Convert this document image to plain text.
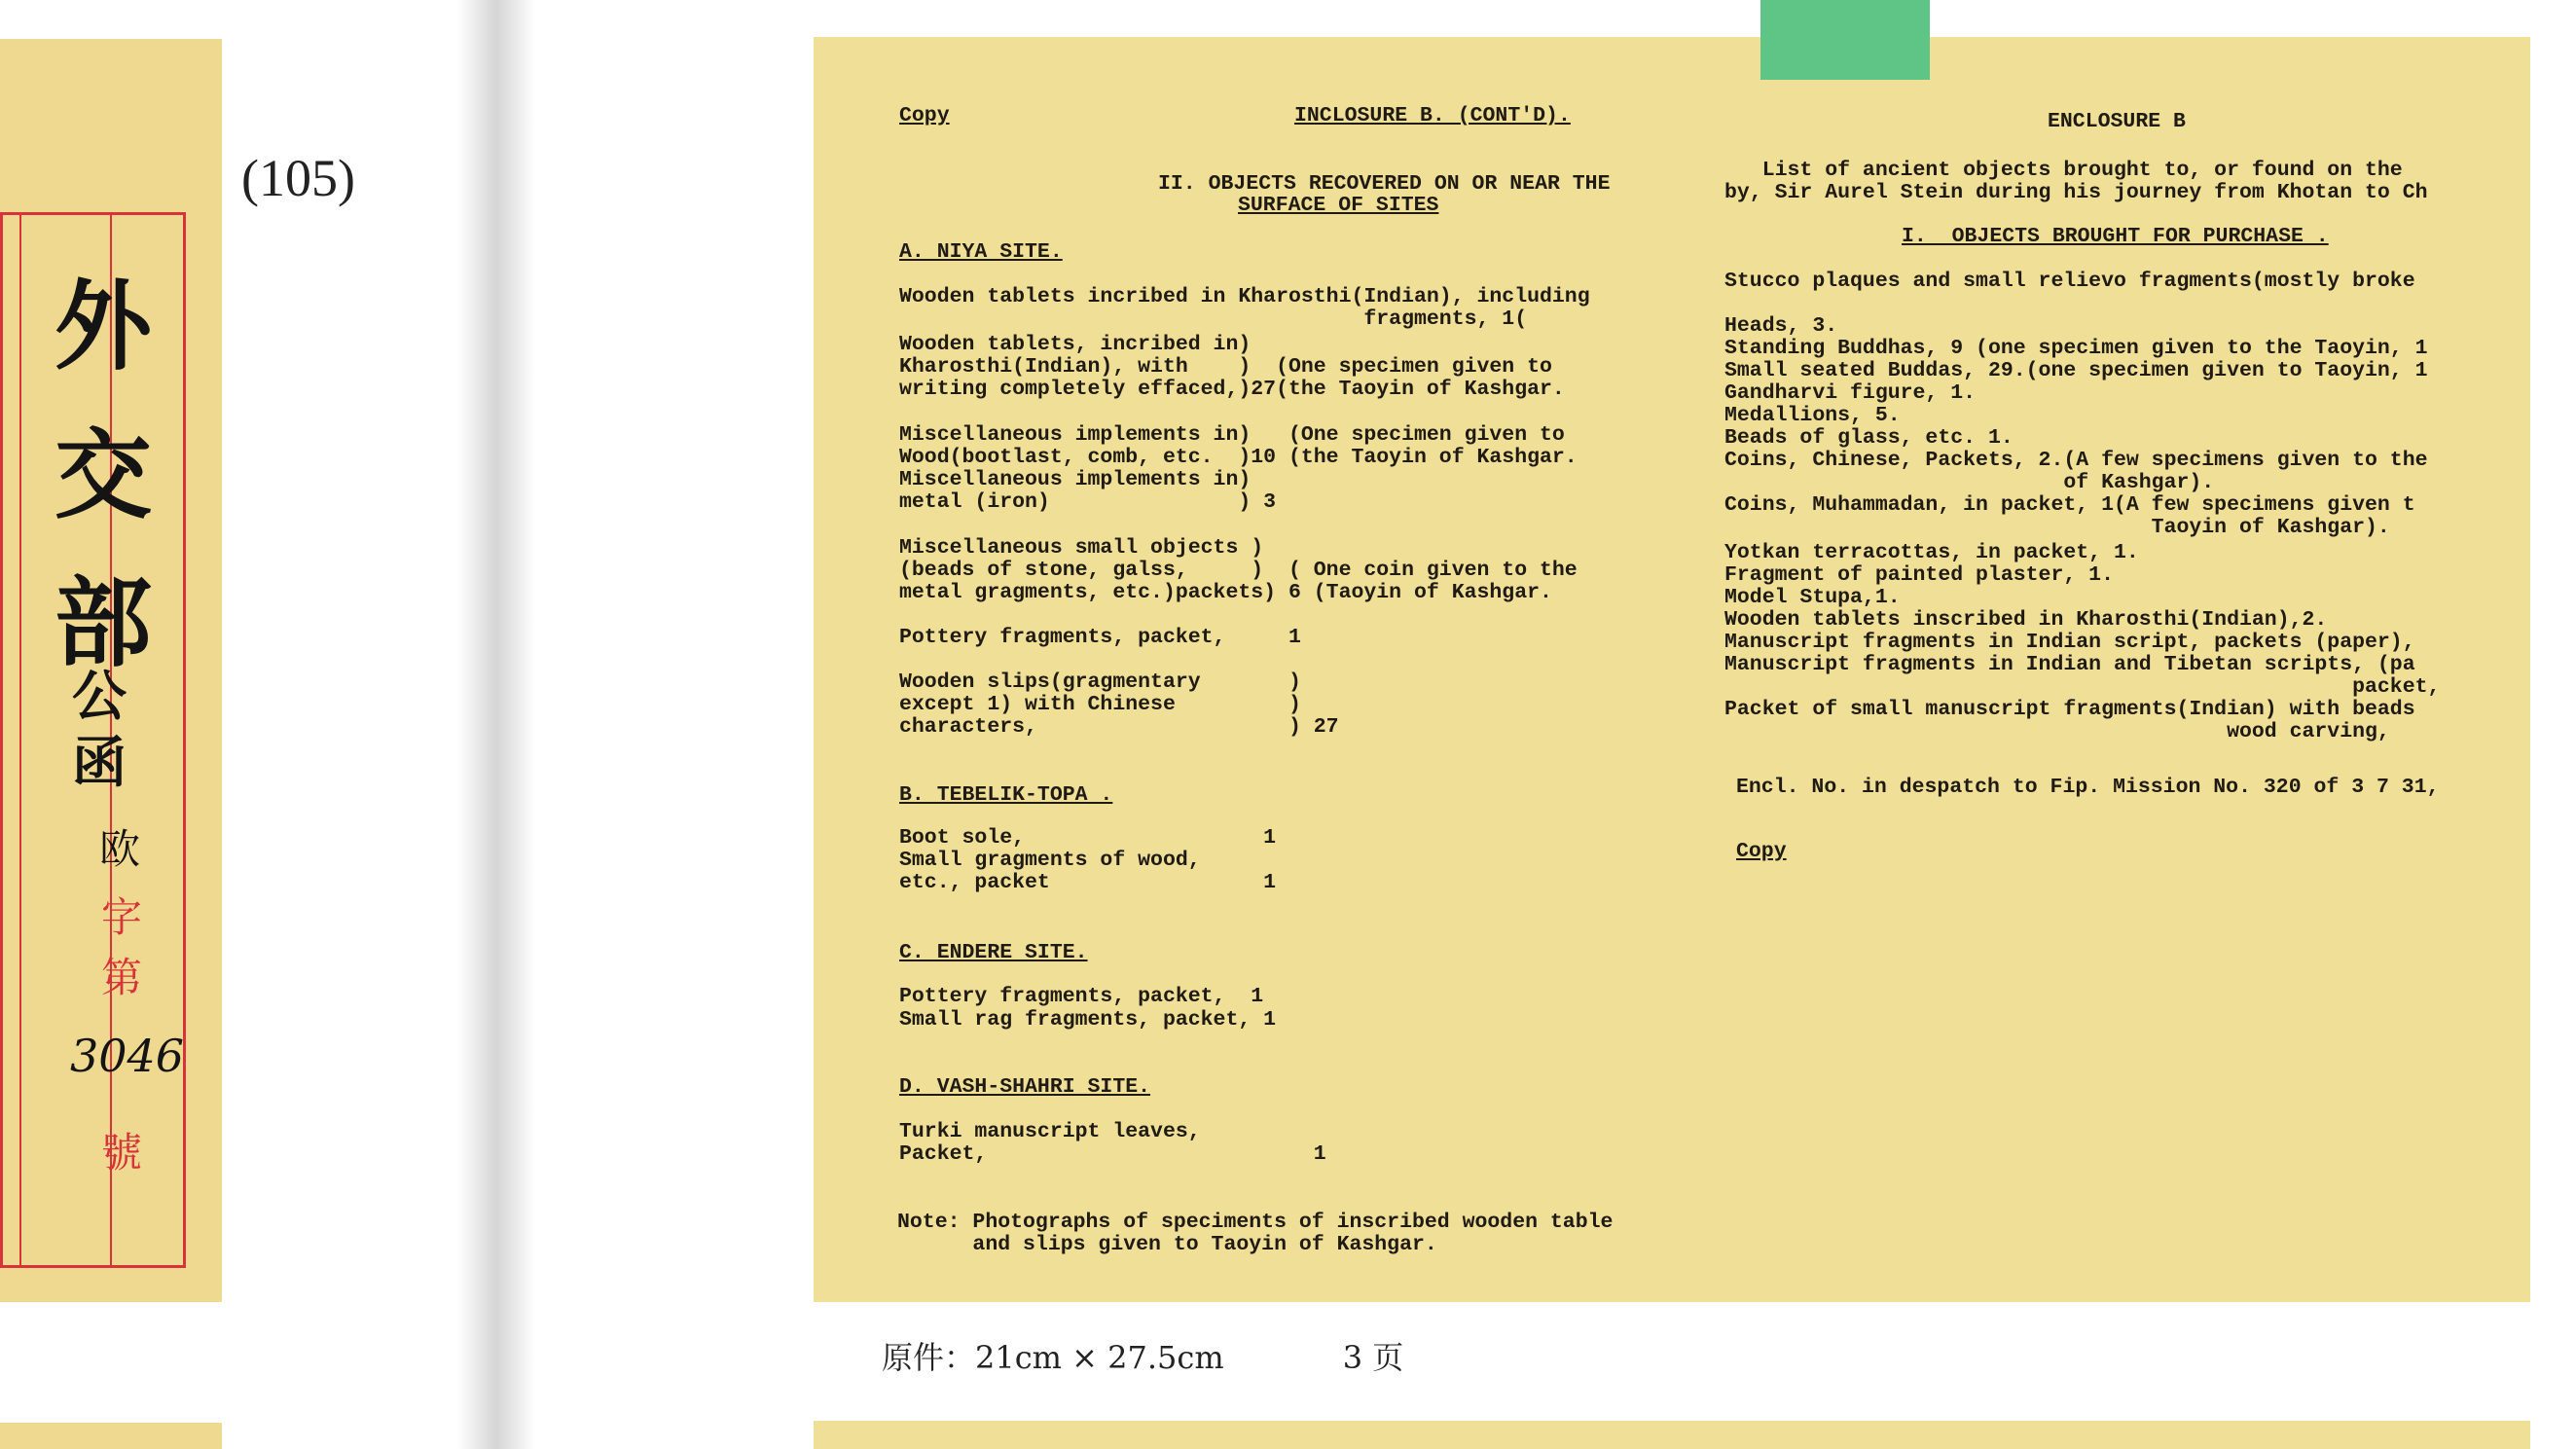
外
交
部
公
函
欧
字
第
3046
號
(105)

Copy	INCLOSURE B. (CONT'D).

II. OBJECTS RECOVERED ON OR NEAR THE

SURFACE OF SITES

A. NIYA SITE.

Wooden tablets incribed in Kharosthi(Indian), including

fragments, 1(

Wooden tablets, incribed in)

Kharosthi(Indian), with    )  (One specimen given to

writing completely effaced,)27(the Taoyin of Kashgar.

Miscellaneous implements in)   (One specimen given to

Wood(bootlast, comb, etc.  )10 (the Taoyin of Kashgar.

Miscellaneous implements in)

metal (iron)               ) 3

Miscellaneous small objects )

(beads of stone, galss,     )  ( One coin given to the

metal gragments, etc.)packets) 6 (Taoyin of Kashgar.

Pottery fragments, packet,     1

Wooden slips(gragmentary       )

except 1) with Chinese         )

characters,                    ) 27

B. TEBELIK-TOPA .

Boot sole,                   1

Small gragments of wood,

etc., packet                 1

C. ENDERE SITE.

Pottery fragments, packet,  1

Small rag fragments, packet, 1

D. VASH-SHAHRI SITE.

Turki manuscript leaves,

Packet,                          1

Note: Photographs of speciments of inscribed wooden table

and slips given to Taoyin of Kashgar.

ENCLOSURE B

List of ancient objects brought to, or found on the

by, Sir Aurel Stein during his journey from Khotan to Ch

I.  OBJECTS BROUGHT FOR PURCHASE .

Stucco plaques and small relievo fragments(mostly broke

Heads, 3.

Standing Buddhas, 9 (one specimen given to the Taoyin, 1

Small seated Buddas, 29.(one specimen given to Taoyin, 1

Gandharvi figure, 1.

Medallions, 5.

Beads of glass, etc. 1.

Coins, Chinese, Packets, 2.(A few specimens given to the

of Kashgar).

Coins, Muhammadan, in packet, 1(A few specimens given t

Taoyin of Kashgar).

Yotkan terracottas, in packet, 1.

Fragment of painted plaster, 1.

Model Stupa,1.

Wooden tablets inscribed in Kharosthi(Indian),2.

Manuscript fragments in Indian script, packets (paper),

Manuscript fragments in Indian and Tibetan scripts, (pa

packet,

Packet of small manuscript fragments(Indian) with beads

wood carving,

Encl. No. in despatch to Fip. Mission No. 320 of 3 7 31,

Copy

原件：21cm × 27.5cm	3 页
